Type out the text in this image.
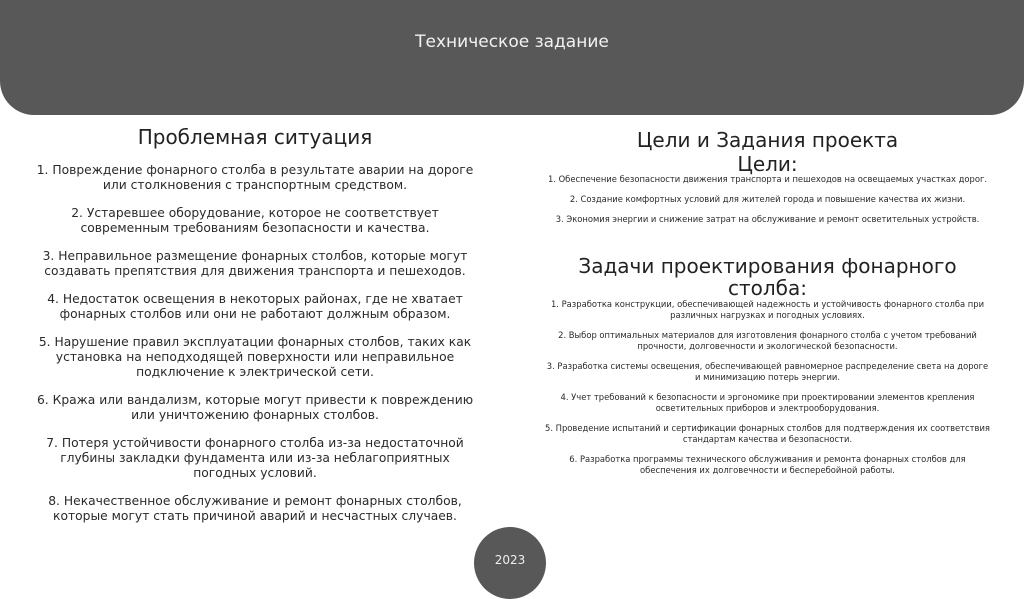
Техническое задание
Проблемная ситуация
1. Повреждение фонарного столба в результате аварии на дороге или столкновения с транспортным средством.
2. Устаревшее оборудование, которое не соответствует современным требованиям безопасности и качества.
3. Неправильное размещение фонарных столбов, которые могут создавать препятствия для движения транспорта и пешеходов.
4. Недостаток освещения в некоторых районах, где не хватает фонарных столбов или они не работают должным образом.
5. Нарушение правил эксплуатации фонарных столбов, таких как установка на неподходящей поверхности или неправильное подключение к электрической сети.
6. Кража или вандализм, которые могут привести к повреждению или уничтожению фонарных столбов.
7. Потеря устойчивости фонарного столба из-за недостаточной глубины закладки фундамента или из-за неблагоприятных погодных условий.
8. Некачественное обслуживание и ремонт фонарных столбов, которые могут стать причиной аварий и несчастных случаев.
Цели и Задания проекта
Цели:
1. Обеспечение безопасности движения транспорта и пешеходов на освещаемых участках дорог.
2. Создание комфортных условий для жителей города и повышение качества их жизни.
3. Экономия энергии и снижение затрат на обслуживание и ремонт осветительных устройств.
Задачи проектирования фонарного столба:
1. Разработка конструкции, обеспечивающей надежность и устойчивость фонарного столба при различных нагрузках и погодных условиях.
2. Выбор оптимальных материалов для изготовления фонарного столба с учетом требований прочности, долговечности и экологической безопасности.
3. Разработка системы освещения, обеспечивающей равномерное распределение света на дороге и минимизацию потерь энергии.
4. Учет требований к безопасности и эргономике при проектировании элементов крепления осветительных приборов и электрооборудования.
5. Проведение испытаний и сертификации фонарных столбов для подтверждения их соответствия стандартам качества и безопасности.
6. Разработка программы технического обслуживания и ремонта фонарных столбов для обеспечения их долговечности и бесперебойной работы.
2023
